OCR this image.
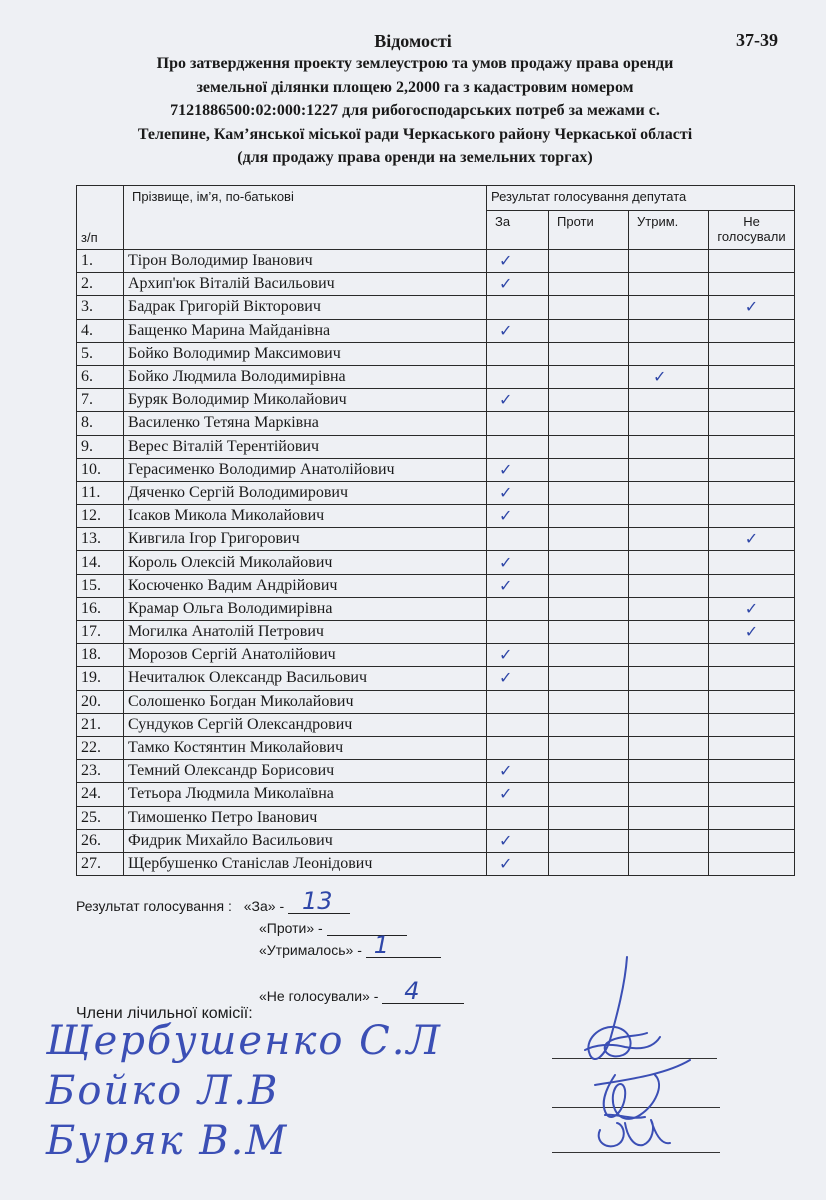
Відомості	37-39
Про затвердження проекту землеустрою та умов продажу права оренди
земельної ділянки площею 2,2000 га з кадастровим номером
7121886500:02:000:1227 для рибогосподарських потреб за межами с.
Телепине, Кам’янської міської ради Черкаського району Черкаської області
(для продажу права оренди на земельних торгах)
з/п	Прізвище, ім’я, по-батькові	Результат голосування депутата			
		За	Проти	Утрим.	Не голосували
1.	Тірон Володимир Іванович	✓			
2.	Архип'юк Віталій Васильович	✓			
3.	Бадрак Григорій Вікторович				✓
4.	Бащенко Марина Майданівна	✓			
5.	Бойко Володимир Максимович				
6.	Бойко Людмила Володимирівна			✓	
7.	Буряк Володимир Миколайович	✓			
8.	Василенко Тетяна Марківна				
9.	Верес Віталій Терентійович				
10.	Герасименко Володимир Анатолійович	✓			
11.	Дяченко Сергій Володимирович	✓			
12.	Ісаков Микола Миколайович	✓			
13.	Кивгила Ігор Григорович				✓
14.	Король Олексій Миколайович	✓			
15.	Косюченко Вадим Андрійович	✓			
16.	Крамар Ольга Володимирівна				✓
17.	Могилка Анатолій Петрович				✓
18.	Морозов Сергій Анатолійович	✓			
19.	Нечиталюк Олександр Васильович	✓			
20.	Солошенко Богдан Миколайович				
21.	Сундуков Сергій Олександрович				
22.	Тамко Костянтин Миколайович				
23.	Темний Олександр Борисович	✓			
24.	Тетьора Людмила Миколаївна	✓			
25.	Тимошенко Петро Іванович				
26.	Фидрик Михайло Васильович	✓			
27.	Щербушенко Станіслав Леонідович	✓			
Результат голосування : «За» - 13
«Проти» -
«Утрималось» - 1
«Не голосували» - 4
Члени лічильної комісії:
Щербушенко С.Л
Бойко Л.В
Буряк В.М
